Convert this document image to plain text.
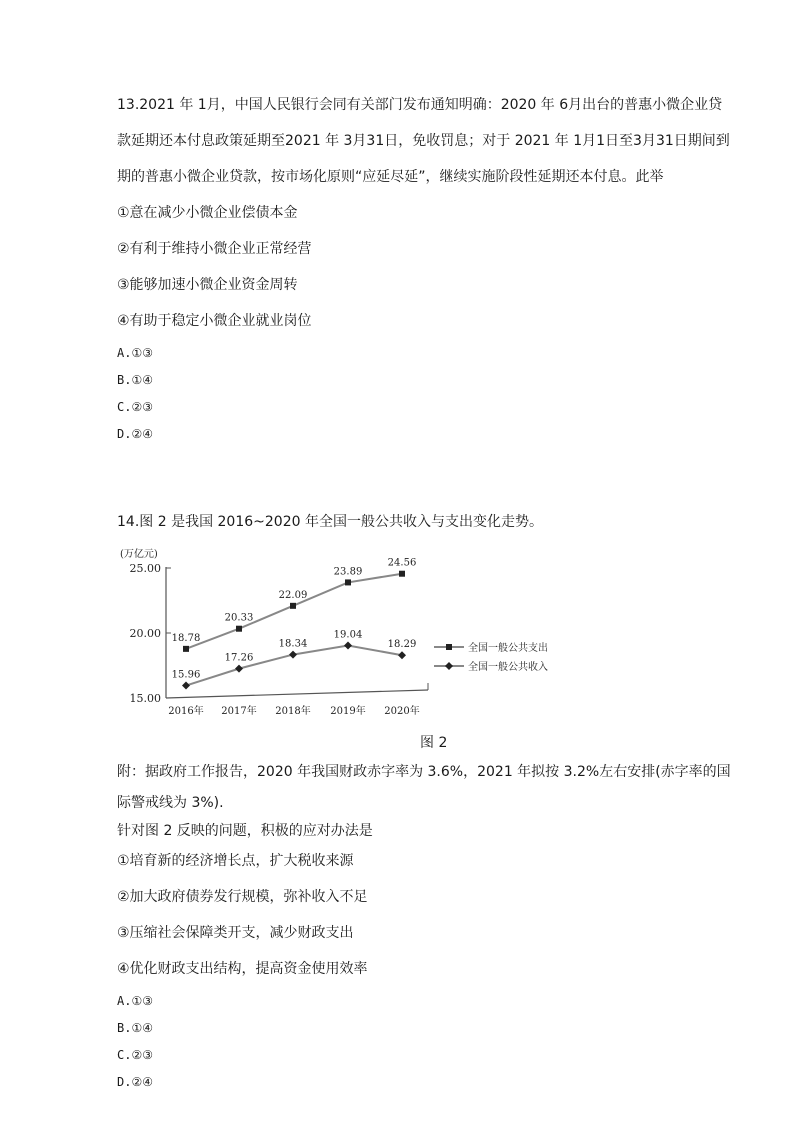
13.2021 年 1月，中国人民银行会同有关部门发布通知明确：2020 年 6月出台的普惠小微企业贷
款延期还本付息政策延期至2021 年 3月31日，免收罚息；对于 2021 年 1月1日至3月31日期间到
期的普惠小微企业贷款，按市场化原则“应延尽延”，继续实施阶段性延期还本付息。此举
①意在减少小微企业偿债本金
②有利于维持小微企业正常经营
③能够加速小微企业资金周转
④有助于稳定小微企业就业岗位
A.①③
B.①④
C.②③
D.②④
14.图 2 是我国 2016~2020 年全国一般公共收入与支出变化走势。
(万亿元)
25.00
20.00
15.00
2016年 2017年 2018年 2019年 2020年
18.78
20.33
22.09
23.89
24.56
15.96
17.26
18.34
19.04
18.29	全国一般公共支出
全国一般公共收入
图 2
附：据政府工作报告，2020 年我国财政赤字率为 3.6%，2021 年拟按 3.2%左右安排(赤字率的国
际警戒线为 3%).
针对图 2 反映的问题，积极的应对办法是
①培育新的经济增长点，扩大税收来源
②加大政府债券发行规模，弥补收入不足
③压缩社会保障类开支，减少财政支出
④优化财政支出结构，提高资金使用效率
A.①③
B.①④
C.②③
D.②④
